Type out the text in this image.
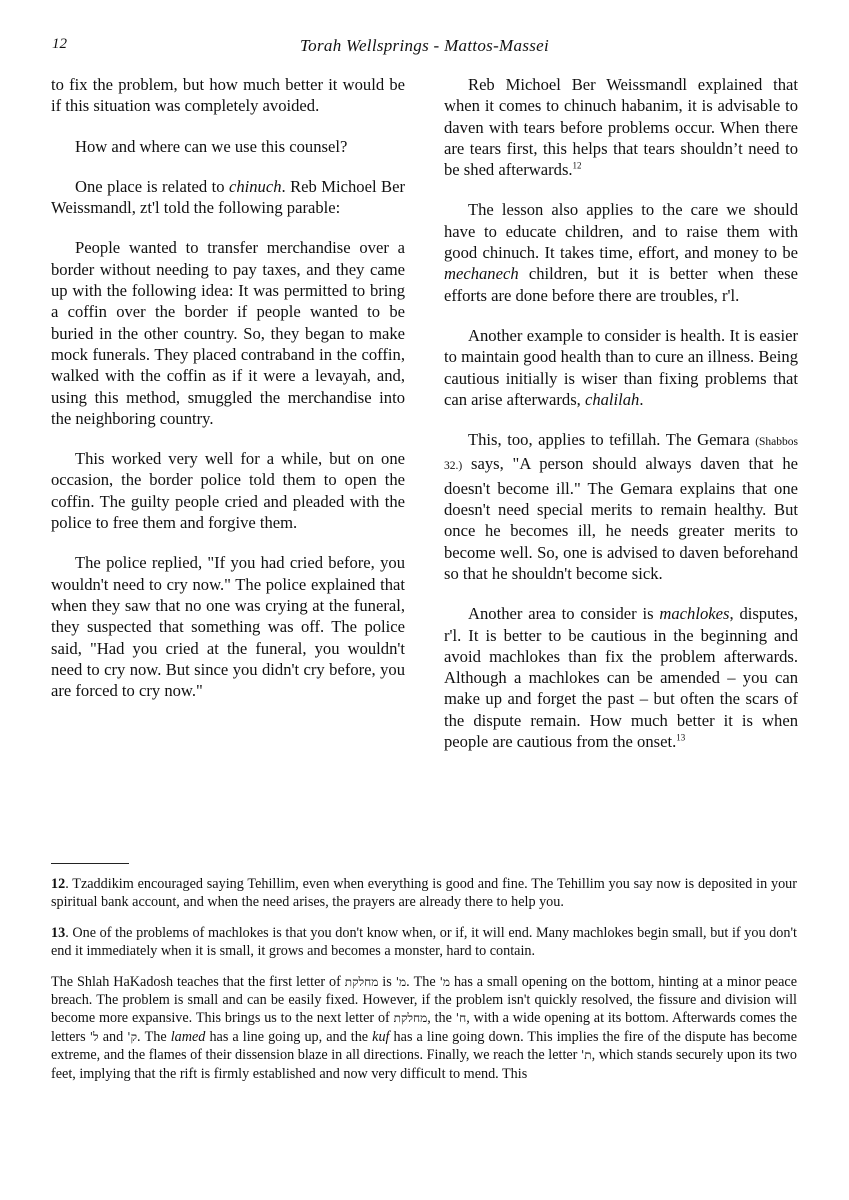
12	Torah Wellsprings - Mattos-Massei

to fix the problem, but how much better it would be if this situation was completely avoided.

How and where can we use this counsel?

One place is related to chinuch. Reb Michoel Ber Weissmandl, zt'l told the following parable:

People wanted to transfer merchandise over a border without needing to pay taxes, and they came up with the following idea: It was permitted to bring a coffin over the border if people wanted to be buried in the other country. So, they began to make mock funerals. They placed contraband in the coffin, walked with the coffin as if it were a levayah, and, using this method, smuggled the merchandise into the neighboring country.

This worked very well for a while, but on one occasion, the border police told them to open the coffin. The guilty people cried and pleaded with the police to free them and forgive them.

The police replied, "If you had cried before, you wouldn't need to cry now." The police explained that when they saw that no one was crying at the funeral, they suspected that something was off. The police said, "Had you cried at the funeral, you wouldn't need to cry now. But since you didn't cry before, you are forced to cry now."

Reb Michoel Ber Weissmandl explained that when it comes to chinuch habanim, it is advisable to daven with tears before problems occur. When there are tears first, this helps that tears shouldn’t need to be shed afterwards.$^{12}$

The lesson also applies to the care we should have to educate children, and to raise them with good chinuch. It takes time, effort, and money to be mechanech children, but it is better when these efforts are done before there are troubles, r'l.

Another example to consider is health. It is easier to maintain good health than to cure an illness. Being cautious initially is wiser than fixing problems that can arise afterwards, chalilah.

This, too, applies to tefillah. The Gemara (Shabbos 32.) says, "A person should always daven that he doesn't become ill." The Gemara explains that one doesn't need special merits to remain healthy. But once he becomes ill, he needs greater merits to become well. So, one is advised to daven beforehand so that he shouldn't become sick.

Another area to consider is machlokes, disputes, r'l. It is better to be cautious in the beginning and avoid machlokes than fix the problem afterwards. Although a machlokes can be amended – you can make up and forget the past – but often the scars of the dispute remain. How much better it is when people are cautious from the onset.$^{13}$

12. Tzaddikim encouraged saying Tehillim, even when everything is good and fine. The Tehillim you say now is deposited in your spiritual bank account, and when the need arises, the prayers are already there to help you.

13. One of the problems of machlokes is that you don't know when, or if, it will end. Many machlokes begin small, but if you don't end it immediately when it is small, it grows and becomes a monster, hard to contain.

The Shlah HaKadosh teaches that the first letter of מחלקת is 'מ. The 'מ has a small opening on the bottom, hinting at a minor peace breach. The problem is small and can be easily fixed. However, if the problem isn't quickly resolved, the fissure and division will become more expansive. This brings us to the next letter of מחלקת, the 'ח, with a wide opening at its bottom. Afterwards comes the letters 'ל and 'ק. The lamed has a line going up, and the kuf has a line going down. This implies the fire of the dispute has become extreme, and the flames of their dissension blaze in all directions. Finally, we reach the letter 'ת, which stands securely upon its two feet, implying that the rift is firmly established and now very difficult to mend. This
